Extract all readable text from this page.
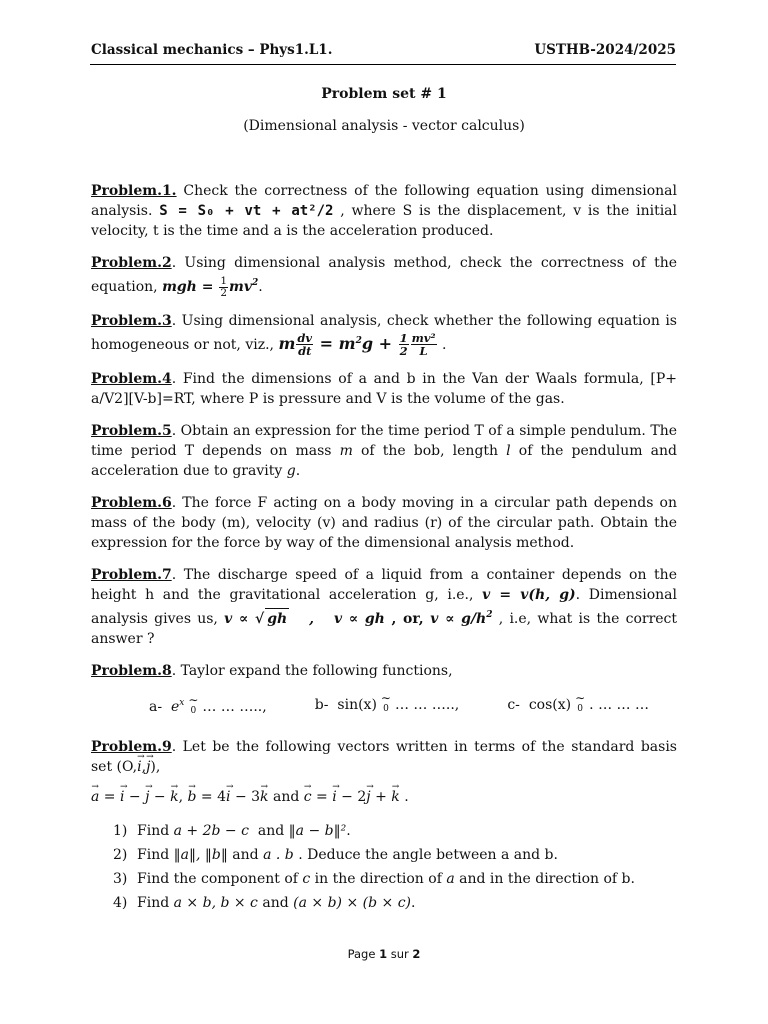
Classical mechanics – Phys1.L1.	USTHB-2024/2025
Problem set # 1
(Dimensional analysis - vector calculus)

Problem.1. Check the correctness of the following equation using dimensional analysis. S = S₀ + vt + at²/2 , where S is the displacement, v is the initial velocity, t is the time and a is the acceleration produced.

Problem.2. Using dimensional analysis method, check the correctness of the equation, mgh = $\frac{1}{2} mv^2$.

Problem.3. Using dimensional analysis, check whether the following equation is homogeneous or not, viz., m $\frac{dv}{dt} = m^2g + \frac{1}{2} \frac{\text{mv²}}{L}$ .

Problem.4. Find the dimensions of a and b in the Van der Waals formula, [P+ a/V2][V-b]=RT, where P is pressure and V is the volume of the gas.

Problem.5. Obtain an expression for the time period T of a simple pendulum. The time period T depends on mass m of the bob, length l of the pendulum and acceleration due to gravity g.

Problem.6. The force F acting on a body moving in a circular path depends on mass of the body (m), velocity (v) and radius (r) of the circular path. Obtain the expression for the force by way of the dimensional analysis method.

Problem.7. The discharge speed of a liquid from a container depends on the height h and the gravitational acceleration g, i.e., v = v(h, g). Dimensional analysis gives us, v ∝ √ gh   ,   v ∝ gh , or, $v \propto g/h^2$ , i.e, what is the correct answer ?

Problem.8. Taylor expand the following functions,
a- $e^x$ ∼
0 … … …..,	b- sin(x) ∼
0 … … …..,	c- cos(x) ∼
0 . … … …
Problem.9. Let be the following vectors written in terms of the standard basis set (O,→ i,→ j),
→ a = → i − → j − → k, → b = 4→ i − 3→ k and → c = → i − 2→ j + → k .
1) Find a + 2b − c  and ‖a − b‖².
2) Find ‖a‖, ‖b‖ and a . b . Deduce the angle between a and b.
3) Find the component of c in the direction of a and in the direction of b.
4) Find a × b, b × c and (a × b) × (b × c).
Page 1 sur 2
